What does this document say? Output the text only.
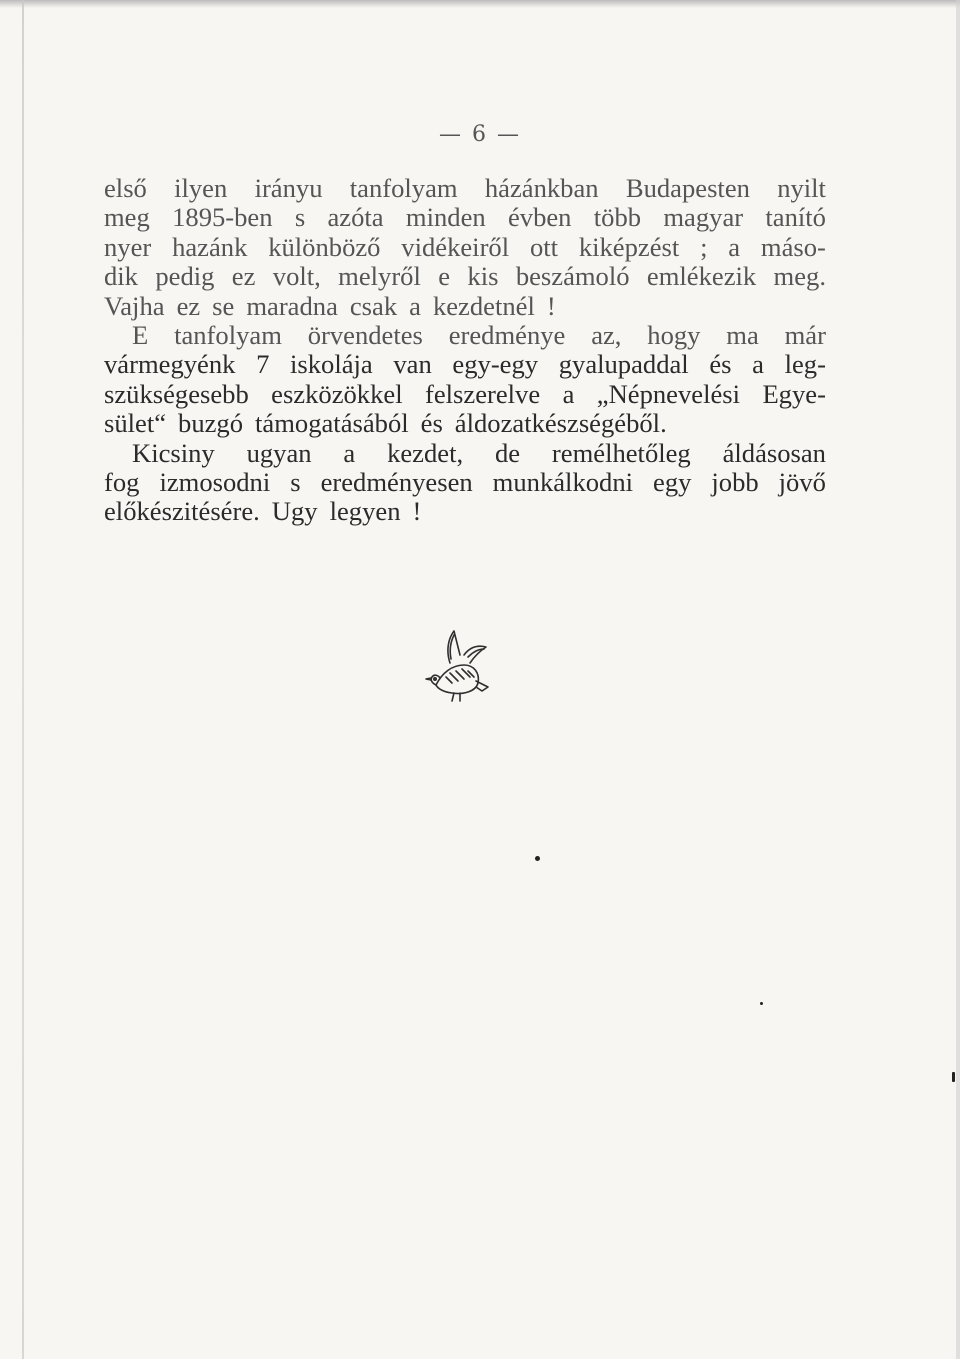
— 6 —
első ilyen irányu tanfolyam házánkban Budapesten nyilt
meg 1895-ben s azóta minden évben több magyar tanító
nyer hazánk különböző vidékeiről ott kiképzést ; a máso-
dik pedig ez volt, melyről e kis beszámoló emlékezik meg.
Vajha ez se maradna csak a kezdetnél !
E tanfolyam örvendetes eredménye az, hogy ma már
vármegyénk 7 iskolája van egy-egy gyalupaddal és a leg-
szükségesebb eszközökkel felszerelve a „Népnevelési Egye-
sület“ buzgó támogatásából és áldozatkészségéből.
Kicsiny ugyan a kezdet, de remélhetőleg áldásosan
fog izmosodni s eredményesen munkálkodni egy jobb jövő
előkészitésére. Ugy legyen !
